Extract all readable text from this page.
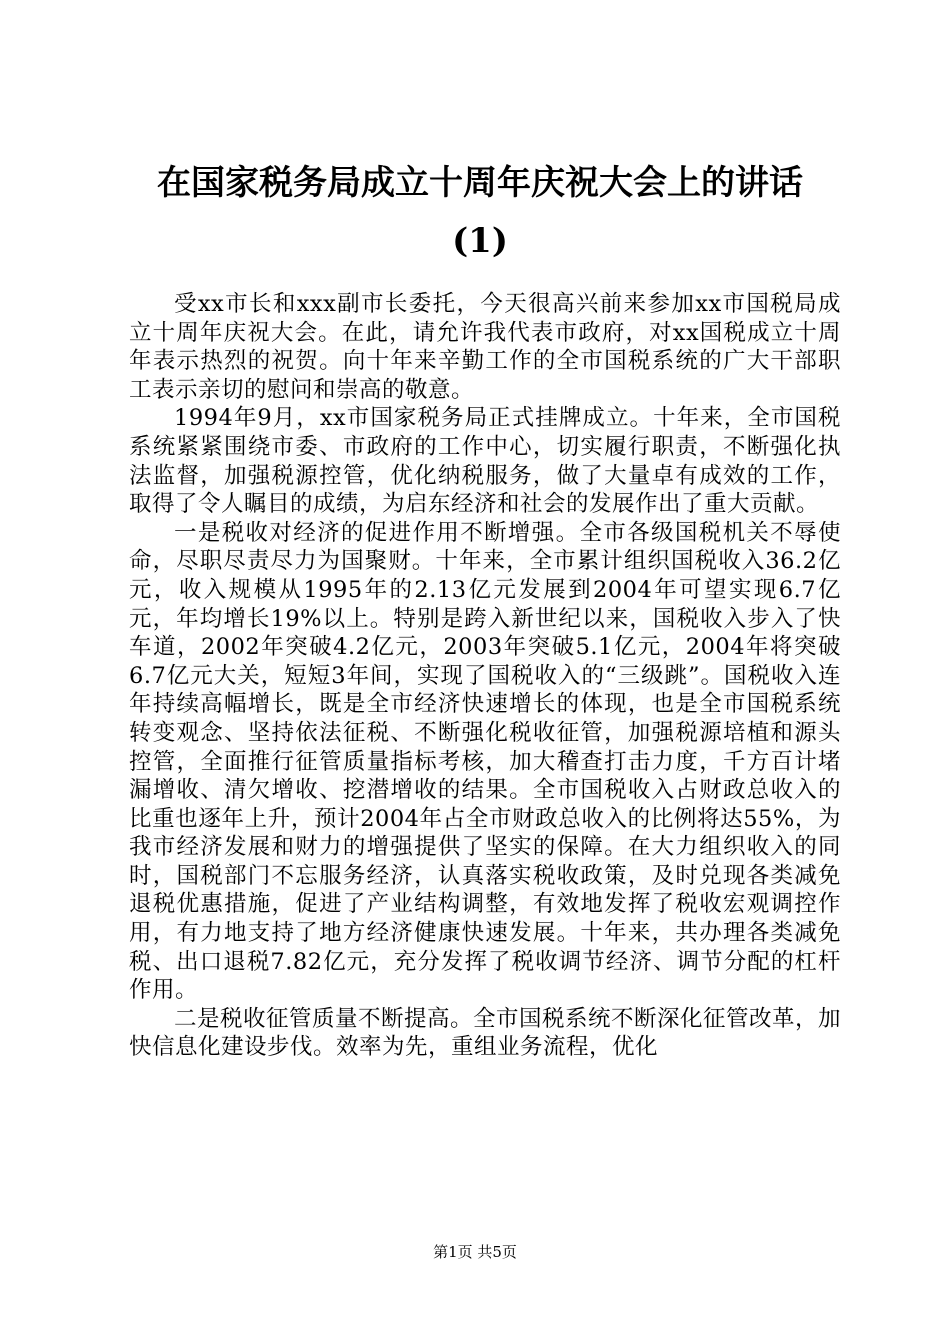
在国家税务局成立十周年庆祝大会上的讲话
(1)

受xx市长和xxx副市长委托，今天很高兴前来参加xx市国税局成立十周年庆祝大会。在此，请允许我代表市政府，对xx国税成立十周年表示热烈的祝贺。向十年来辛勤工作的全市国税系统的广大干部职工表示亲切的慰问和崇高的敬意。

1994年9月，xx市国家税务局正式挂牌成立。十年来，全市国税系统紧紧围绕市委、市政府的工作中心，切实履行职责，不断强化执法监督，加强税源控管，优化纳税服务，做了大量卓有成效的工作，取得了令人瞩目的成绩，为启东经济和社会的发展作出了重大贡献。

一是税收对经济的促进作用不断增强。全市各级国税机关不辱使命，尽职尽责尽力为国聚财。十年来，全市累计组织国税收入36.2亿元，收入规模从1995年的2.13亿元发展到2004年可望实现6.7亿元，年均增长19%以上。特别是跨入新世纪以来，国税收入步入了快车道，2002年突破4.2亿元，2003年突破5.1亿元，2004年将突破6.7亿元大关，短短3年间，实现了国税收入的“三级跳”。国税收入连年持续高幅增长，既是全市经济快速增长的体现，也是全市国税系统转变观念、坚持依法征税、不断强化税收征管，加强税源培植和源头控管，全面推行征管质量指标考核，加大稽查打击力度，千方百计堵漏增收、清欠增收、挖潜增收的结果。全市国税收入占财政总收入的比重也逐年上升，预计2004年占全市财政总收入的比例将达55%，为我市经济发展和财力的增强提供了坚实的保障。在大力组织收入的同时，国税部门不忘服务经济，认真落实税收政策，及时兑现各类减免退税优惠措施，促进了产业结构调整，有效地发挥了税收宏观调控作用，有力地支持了地方经济健康快速发展。十年来，共办理各类减免税、出口退税7.82亿元，充分发挥了税收调节经济、调节分配的杠杆作用。

二是税收征管质量不断提高。全市国税系统不断深化征管改革，加快信息化建设步伐。效率为先，重组业务流程，优化

第1页 共5页
